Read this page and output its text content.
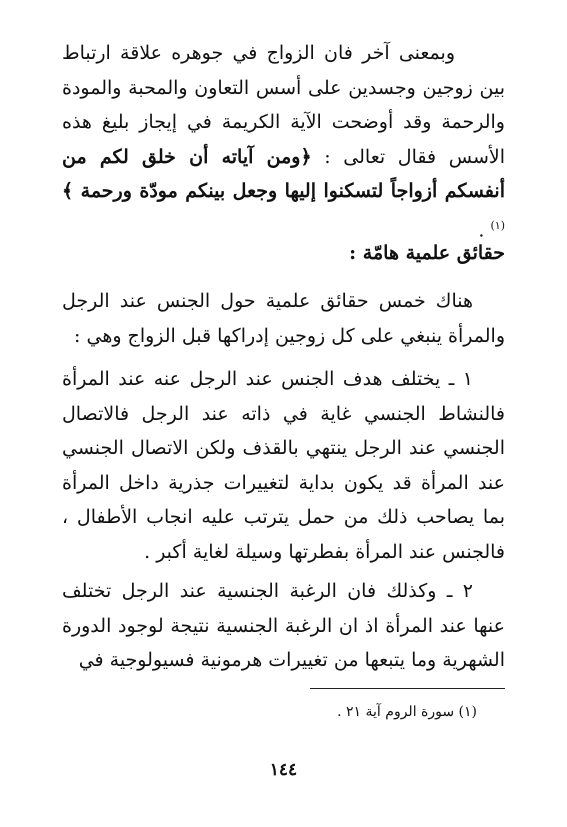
وبمعنى آخر فان الزواج في جوهره علاقة ارتباط بين زوجين وجسدين على أسس التعاون والمحبة والمودة والرحمة وقد أوضحت الآية الكريمة في إيجاز بليغ هذه الأسس فقال تعالى : ﴿ومن آياته أن خلق لكم من أنفسكم أزواجاً لتسكنوا إليها وجعل بينكم مودّة ورحمة ﴾$^{(١)}$ .
حقائق علمية هامّة :
هناك خمس حقائق علمية حول الجنس عند الرجل والمرأة ينبغي على كل زوجين إدراكها قبل الزواج وهي :
١ ـ يختلف هدف الجنس عند الرجل عنه عند المرأة فالنشاط الجنسي غاية في ذاته عند الرجل فالاتصال الجنسي عند الرجل ينتهي بالقذف ولكن الاتصال الجنسي عند المرأة قد يكون بداية لتغييرات جذرية داخل المرأة بما يصاحب ذلك من حمل يترتب عليه انجاب الأطفال ، فالجنس عند المرأة بفطرتها وسيلة لغاية أكبر .
٢ ـ وكذلك فان الرغبة الجنسية عند الرجل تختلف عنها عند المرأة اذ ان الرغبة الجنسية نتيجة لوجود الدورة الشهرية وما يتبعها من تغييرات هرمونية فسيولوجية في
(١) سورة الروم آية ٢١ .
١٤٤
